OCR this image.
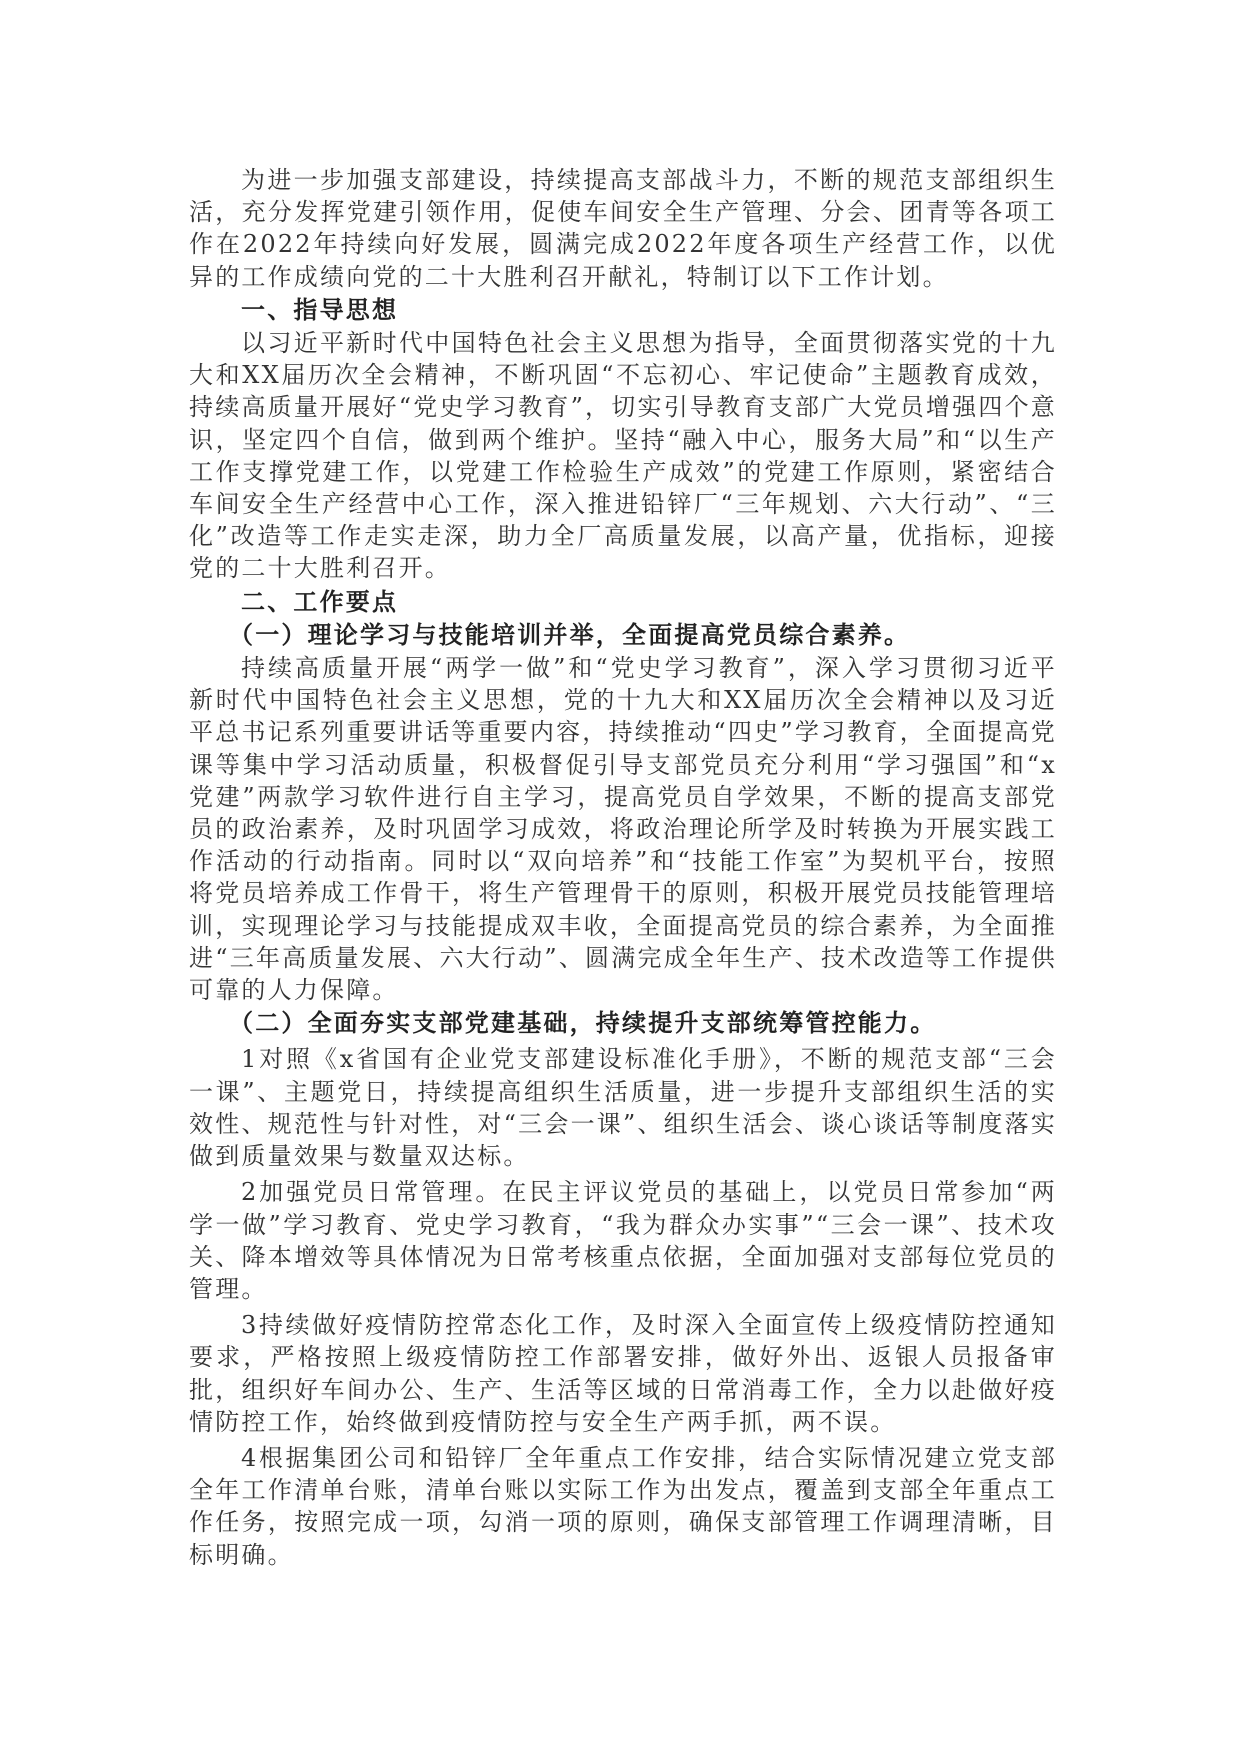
为进一步加强支部建设，持续提高支部战斗力，不断的规范支部组织生活，充分发挥党建引领作用，促使车间安全生产管理、分会、团青等各项工作在2022年持续向好发展，圆满完成2022年度各项生产经营工作，以优异的工作成绩向党的二十大胜利召开献礼，特制订以下工作计划。

一、指导思想

以习近平新时代中国特色社会主义思想为指导，全面贯彻落实党的十九大和XX届历次全会精神，不断巩固“不忘初心、牢记使命”主题教育成效，持续高质量开展好“党史学习教育”，切实引导教育支部广大党员增强四个意识，坚定四个自信，做到两个维护。坚持“融入中心，服务大局”和“以生产工作支撑党建工作，以党建工作检验生产成效”的党建工作原则，紧密结合车间安全生产经营中心工作，深入推进铅锌厂“三年规划、六大行动”、“三化”改造等工作走实走深，助力全厂高质量发展，以高产量，优指标，迎接党的二十大胜利召开。

二、工作要点

（一）理论学习与技能培训并举，全面提高党员综合素养。

持续高质量开展“两学一做”和“党史学习教育”，深入学习贯彻习近平新时代中国特色社会主义思想，党的十九大和XX届历次全会精神以及习近平总书记系列重要讲话等重要内容，持续推动“四史”学习教育，全面提高党课等集中学习活动质量，积极督促引导支部党员充分利用“学习强国”和“x党建”两款学习软件进行自主学习，提高党员自学效果，不断的提高支部党员的政治素养，及时巩固学习成效，将政治理论所学及时转换为开展实践工作活动的行动指南。同时以“双向培养”和“技能工作室”为契机平台，按照将党员培养成工作骨干，将生产管理骨干的原则，积极开展党员技能管理培训，实现理论学习与技能提成双丰收，全面提高党员的综合素养，为全面推进“三年高质量发展、六大行动”、圆满完成全年生产、技术改造等工作提供可靠的人力保障。

（二）全面夯实支部党建基础，持续提升支部统筹管控能力。

1对照《x省国有企业党支部建设标准化手册》，不断的规范支部“三会一课”、主题党日，持续提高组织生活质量，进一步提升支部组织生活的实效性、规范性与针对性，对“三会一课”、组织生活会、谈心谈话等制度落实做到质量效果与数量双达标。

2加强党员日常管理。在民主评议党员的基础上，以党员日常参加“两学一做”学习教育、党史学习教育，“我为群众办实事”“三会一课”、技术攻关、降本增效等具体情况为日常考核重点依据，全面加强对支部每位党员的管理。

3持续做好疫情防控常态化工作，及时深入全面宣传上级疫情防控通知要求，严格按照上级疫情防控工作部署安排，做好外出、返银人员报备审批，组织好车间办公、生产、生活等区域的日常消毒工作，全力以赴做好疫情防控工作，始终做到疫情防控与安全生产两手抓，两不误。

4根据集团公司和铅锌厂全年重点工作安排，结合实际情况建立党支部全年工作清单台账，清单台账以实际工作为出发点，覆盖到支部全年重点工作任务，按照完成一项，勾消一项的原则，确保支部管理工作调理清晰，目标明确。
